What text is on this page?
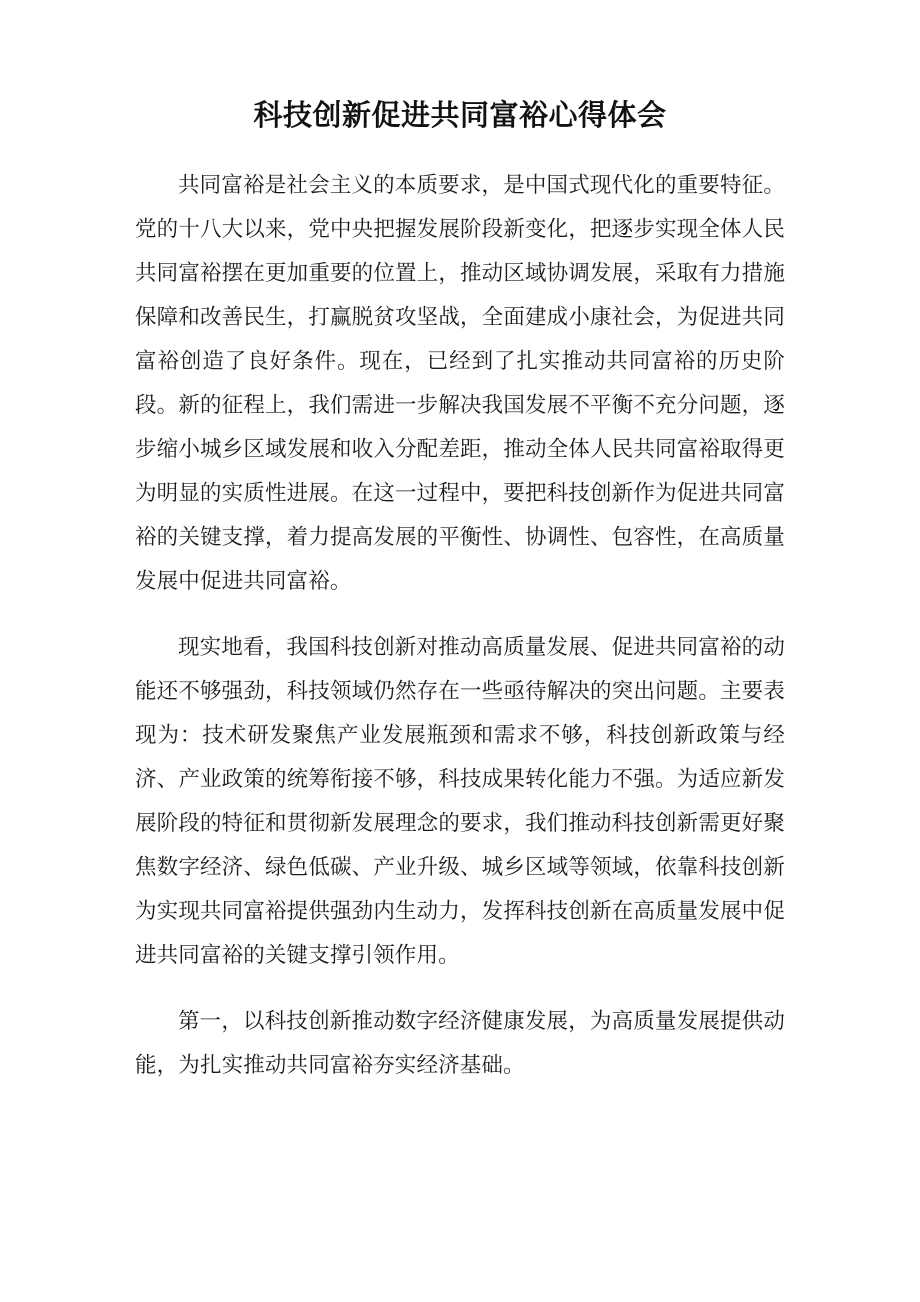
科技创新促进共同富裕心得体会

共同富裕是社会主义的本质要求，是中国式现代化的重要特征。党的十八大以来，党中央把握发展阶段新变化，把逐步实现全体人民共同富裕摆在更加重要的位置上，推动区域协调发展，采取有力措施保障和改善民生，打赢脱贫攻坚战，全面建成小康社会，为促进共同富裕创造了良好条件。现在，已经到了扎实推动共同富裕的历史阶段。新的征程上，我们需进一步解决我国发展不平衡不充分问题，逐步缩小城乡区域发展和收入分配差距，推动全体人民共同富裕取得更为明显的实质性进展。在这一过程中，要把科技创新作为促进共同富裕的关键支撑，着力提高发展的平衡性、协调性、包容性，在高质量发展中促进共同富裕。

现实地看，我国科技创新对推动高质量发展、促进共同富裕的动能还不够强劲，科技领域仍然存在一些亟待解决的突出问题。主要表现为：技术研发聚焦产业发展瓶颈和需求不够，科技创新政策与经济、产业政策的统筹衔接不够，科技成果转化能力不强。为适应新发展阶段的特征和贯彻新发展理念的要求，我们推动科技创新需更好聚焦数字经济、绿色低碳、产业升级、城乡区域等领域，依靠科技创新为实现共同富裕提供强劲内生动力，发挥科技创新在高质量发展中促进共同富裕的关键支撑引领作用。

第一，以科技创新推动数字经济健康发展，为高质量发展提供动能，为扎实推动共同富裕夯实经济基础。
